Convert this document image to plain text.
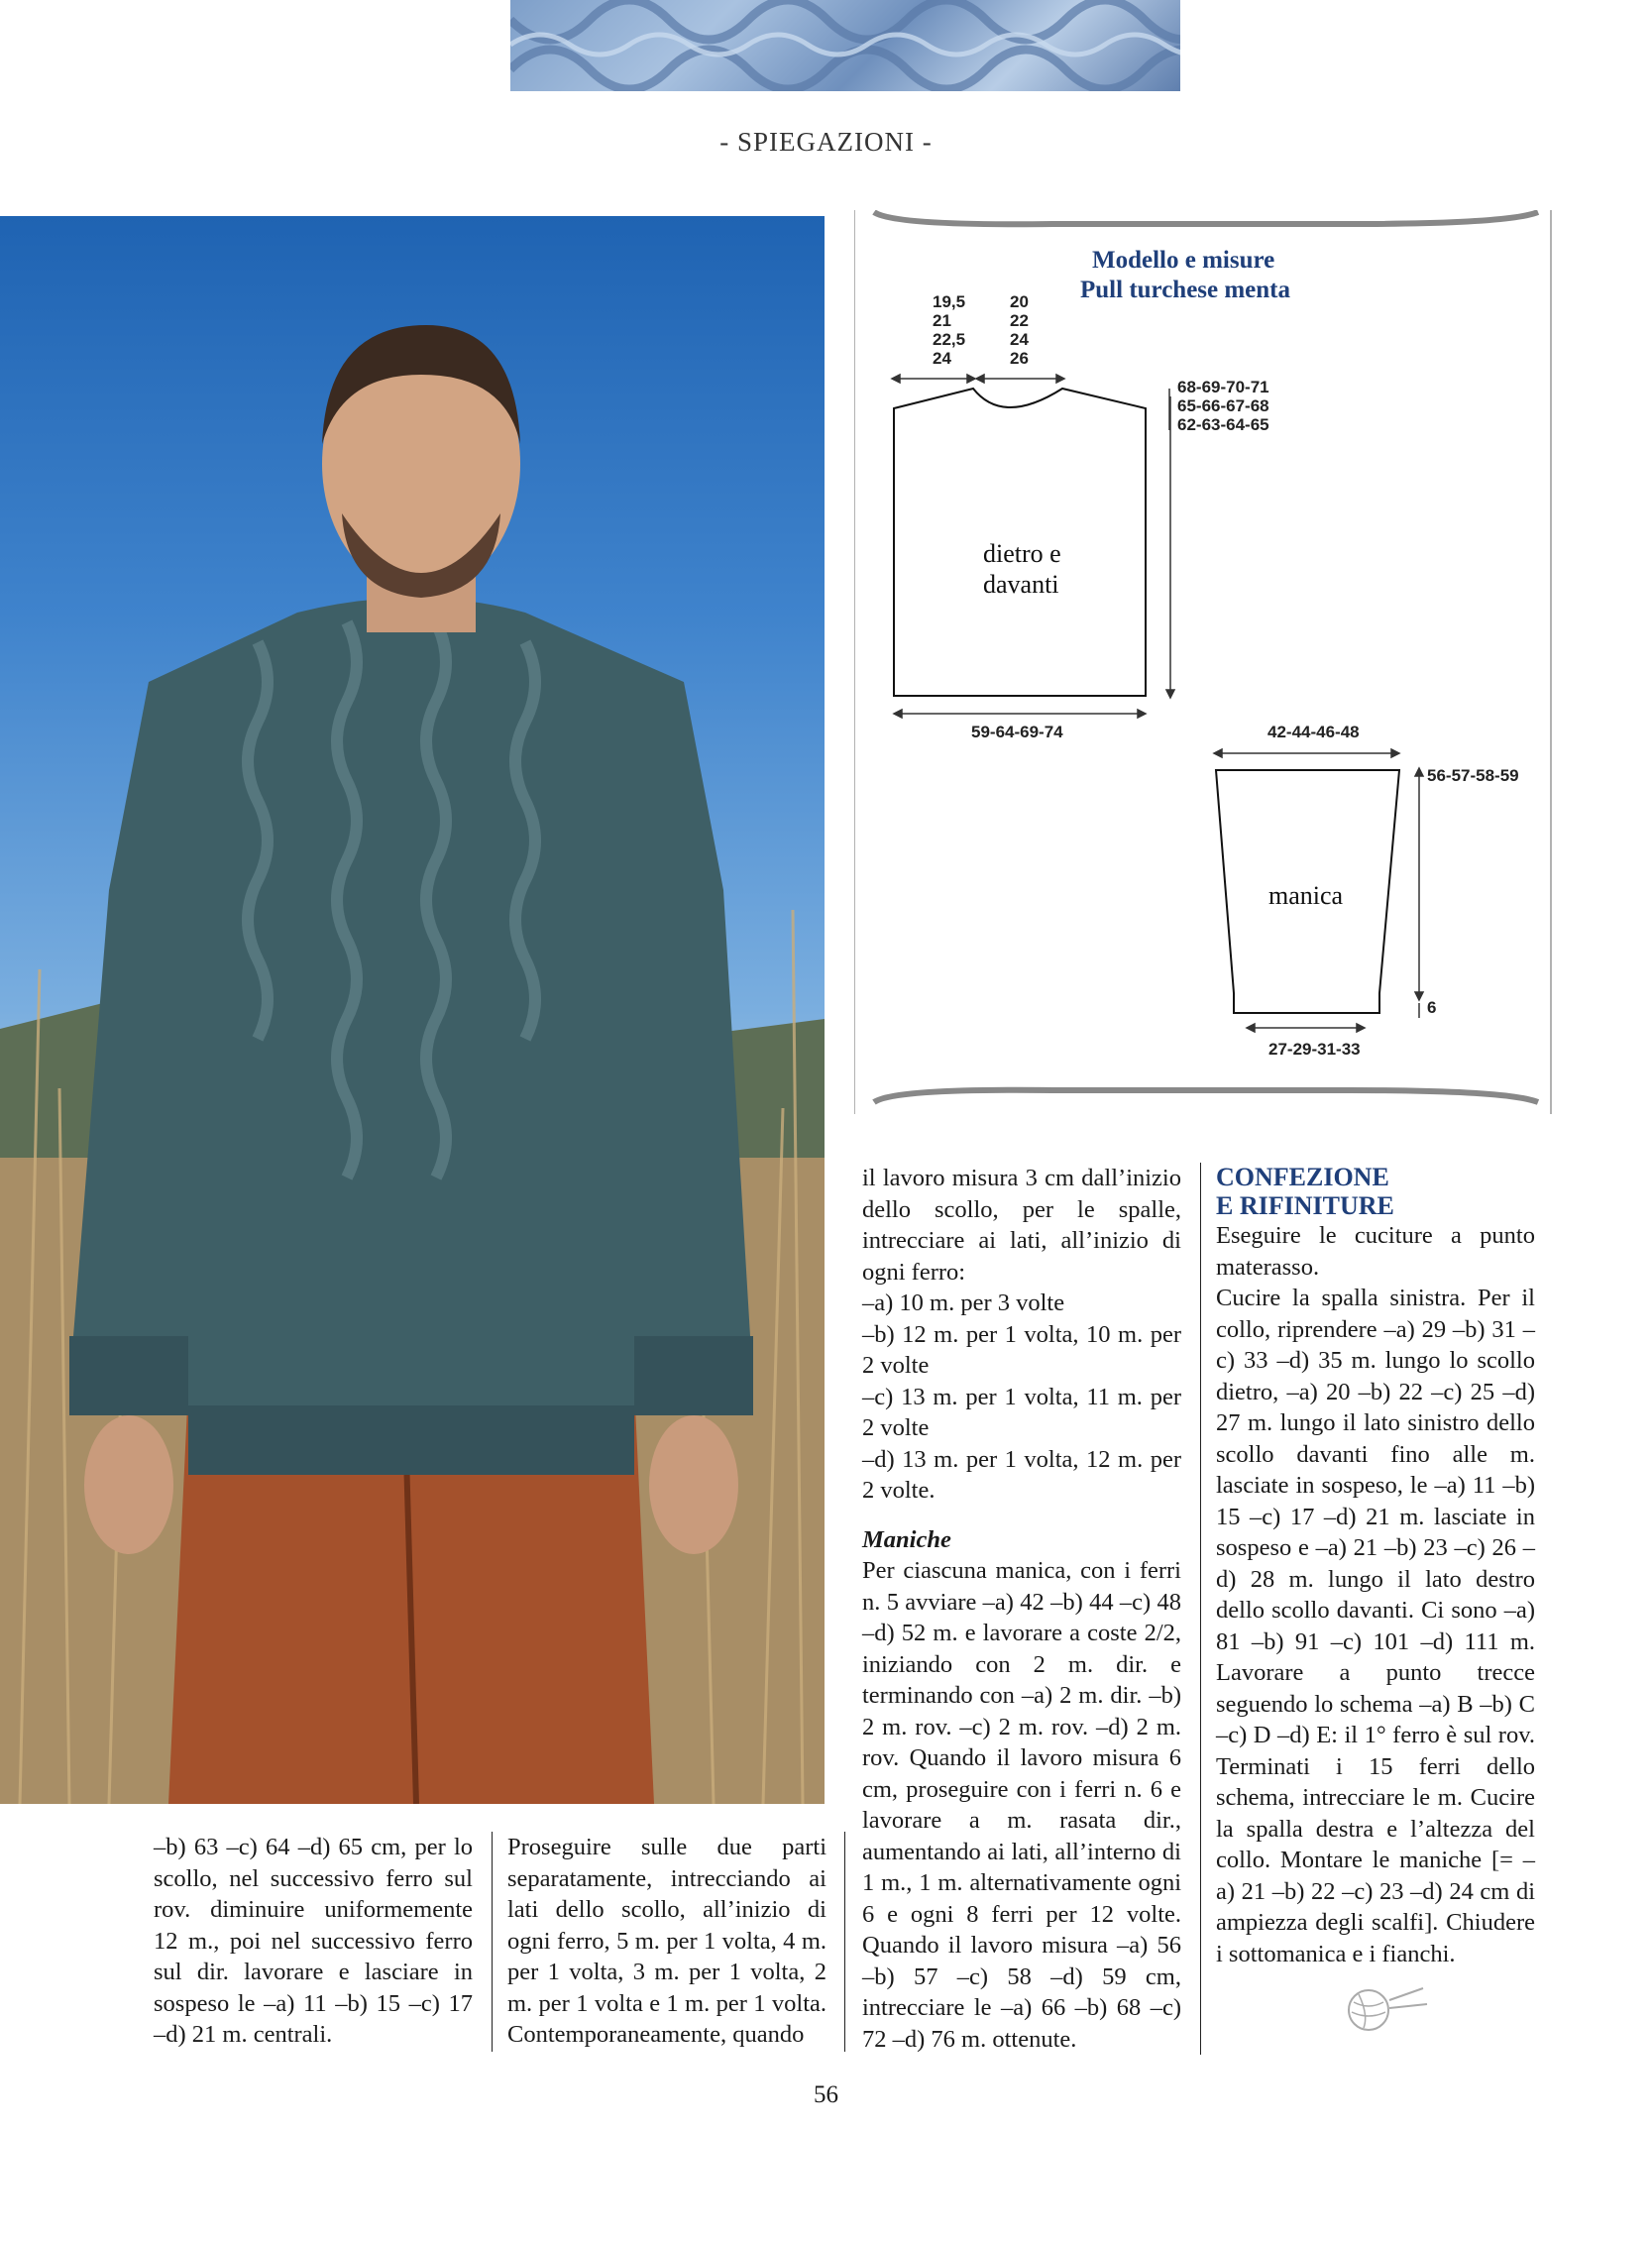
- SPIEGAZIONI -
Modello e misure
Pull turchese menta
19,5
21
22,5
24
20
22
24
26
68-69-70-71
65-66-67-68
62-63-64-65
dietro e
davanti
59-64-69-74	42-44-46-48
manica
56-57-58-59
6
27-29-31-33

–b) 63 –c) 64 –d) 65 cm, per lo scollo, nel successivo ferro sul rov. diminuire uniformemente 12 m., poi nel successivo ferro sul dir. lavorare e lasciare in sospeso le –a) 11 –b) 15 –c) 17 –d) 21 m. centrali.

Proseguire sulle due parti separatamente, intrecciando ai lati dello scollo, all’inizio di ogni ferro, 5 m. per 1 volta, 4 m. per 1 volta, 3 m. per 1 volta, 2 m. per 1 volta e 1 m. per 1 volta. Contemporaneamente, quando

il lavoro misura 3 cm dall’inizio dello scollo, per le spalle, intrecciare ai lati, all’inizio di ogni ferro:

–a) 10 m. per 3 volte

–b) 12 m. per 1 volta, 10 m. per 2 volte

–c) 13 m. per 1 volta, 11 m. per 2 volte

–d) 13 m. per 1 volta, 12 m. per 2 volte.

Maniche

Per ciascuna manica, con i ferri n. 5 avviare –a) 42 –b) 44 –c) 48 –d) 52 m. e lavorare a coste 2/2, iniziando con 2 m. dir. e terminando con –a) 2 m. dir. –b) 2 m. rov. –c) 2 m. rov. –d) 2 m. rov. Quando il lavoro misura 6 cm, proseguire con i ferri n. 6 e lavorare a m. rasata dir., aumentando ai lati, all’interno di 1 m., 1 m. alternativamente ogni 6 e ogni 8 ferri per 12 volte. Quando il lavoro misura –a) 56 –b) 57 –c) 58 –d) 59 cm, intrecciare le –a) 66 –b) 68 –c) 72 –d) 76 m. ottenute.

CONFEZIONE

E RIFINITURE

Eseguire le cuciture a punto materasso.

Cucire la spalla sinistra. Per il collo, riprendere –a) 29 –b) 31 –c) 33 –d) 35 m. lungo lo scollo dietro, –a) 20 –b) 22 –c) 25 –d) 27 m. lungo il lato sinistro dello scollo davanti fino alle m. lasciate in sospeso, le –a) 11 –b) 15 –c) 17 –d) 21 m. lasciate in sospeso e –a) 21 –b) 23 –c) 26 –d) 28 m. lungo il lato destro dello scollo davanti. Ci sono –a) 81 –b) 91 –c) 101 –d) 111 m. Lavorare a punto trecce seguendo lo schema –a) B –b) C –c) D –d) E: il 1° ferro è sul rov. Terminati i 15 ferri dello schema, intrecciare le m. Cucire la spalla destra e l’altezza del collo. Montare le maniche [= –a) 21 –b) 22 –c) 23 –d) 24 cm di ampiezza degli scalfi]. Chiudere i sottomanica e i fianchi.

56
